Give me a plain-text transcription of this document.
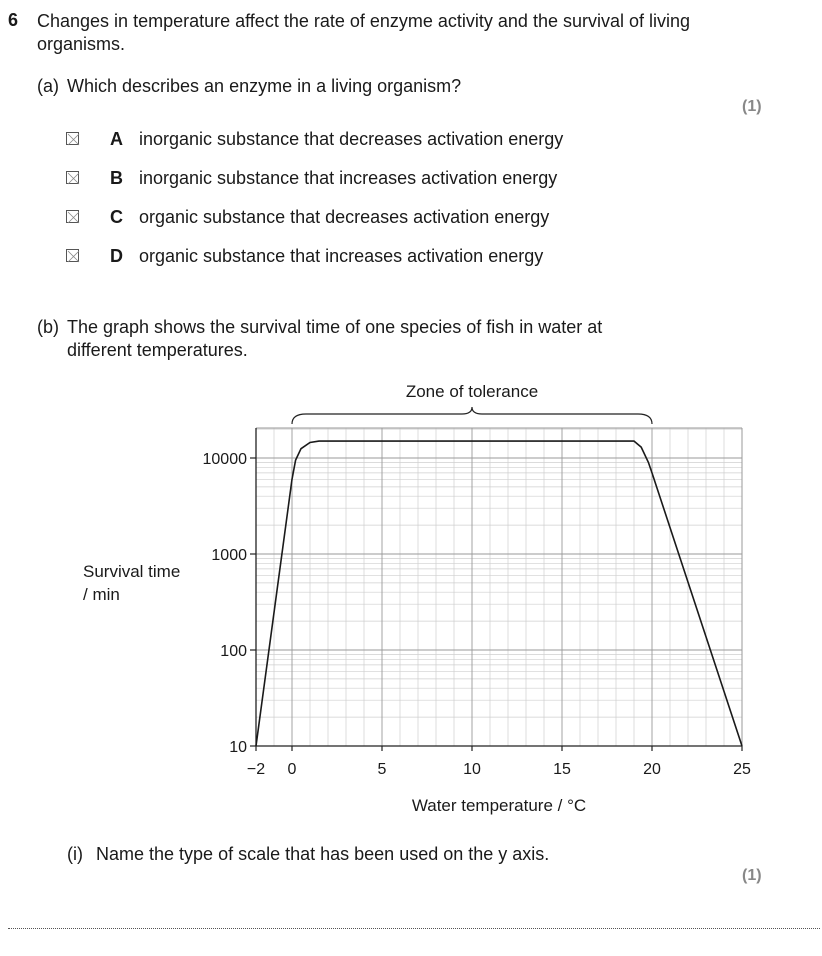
6 Changes in temperature affect the rate of enzyme activity and the survival of living organisms.
(a) Which describes an enzyme in a living organism?
(1)
A inorganic substance that decreases activation energy
B inorganic substance that increases activation energy
C organic substance that decreases activation energy
D organic substance that increases activation energy
(b) The graph shows the survival time of one species of fish in water at different temperatures.
Zone of tolerance
−2 0	5	10	15	20	25
10
100
1000
10000
Survival time
/ min
Water temperature / °C
(i) Name the type of scale that has been used on the y axis.
(1)
